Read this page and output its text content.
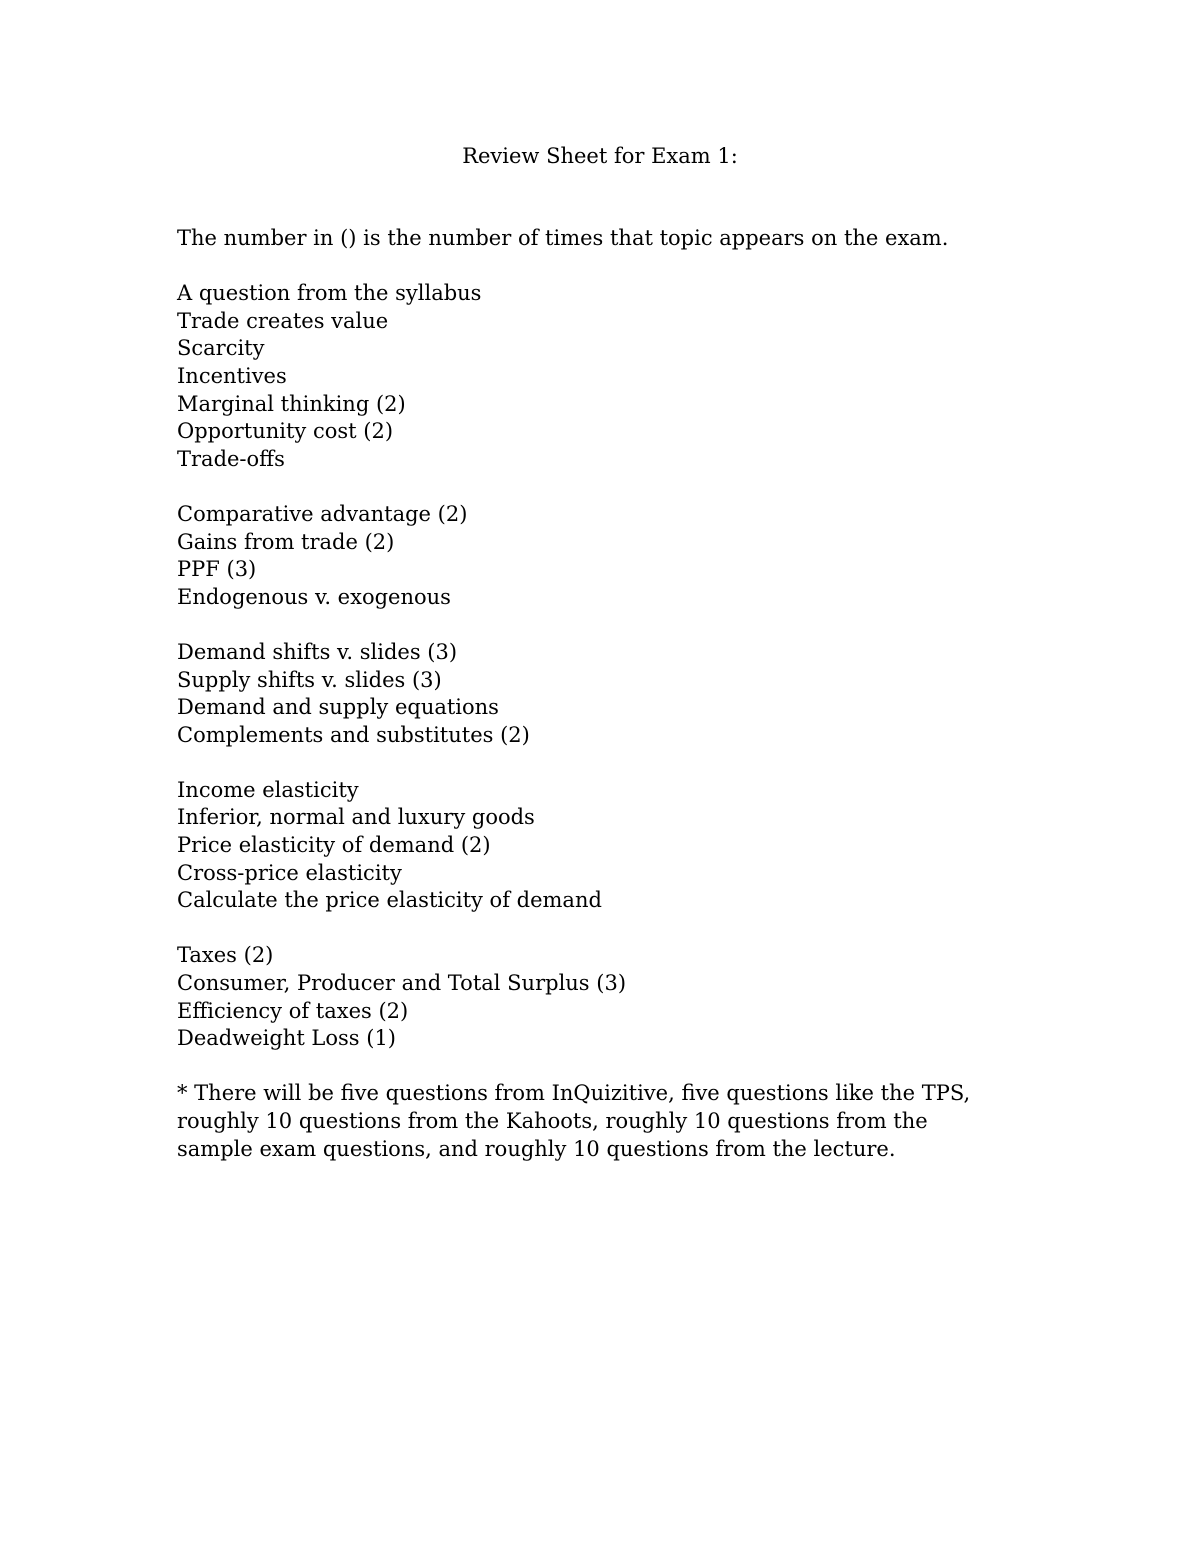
Review Sheet for Exam 1:

The number in () is the number of times that topic appears on the exam.

A question from the syllabus
Trade creates value
Scarcity
Incentives
Marginal thinking (2)
Opportunity cost (2)
Trade-offs
Comparative advantage (2)
Gains from trade (2)
PPF (3)
Endogenous v. exogenous
Demand shifts v. slides (3)
Supply shifts v. slides (3)
Demand and supply equations
Complements and substitutes (2)
Income elasticity
Inferior, normal and luxury goods
Price elasticity of demand (2)
Cross-price elasticity
Calculate the price elasticity of demand
Taxes (2)
Consumer, Producer and Total Surplus (3)
Efficiency of taxes (2)
Deadweight Loss (1)

* There will be five questions from InQuizitive, five questions like the TPS, roughly 10 questions from the Kahoots, roughly 10 questions from the sample exam questions, and roughly 10 questions from the lecture.
